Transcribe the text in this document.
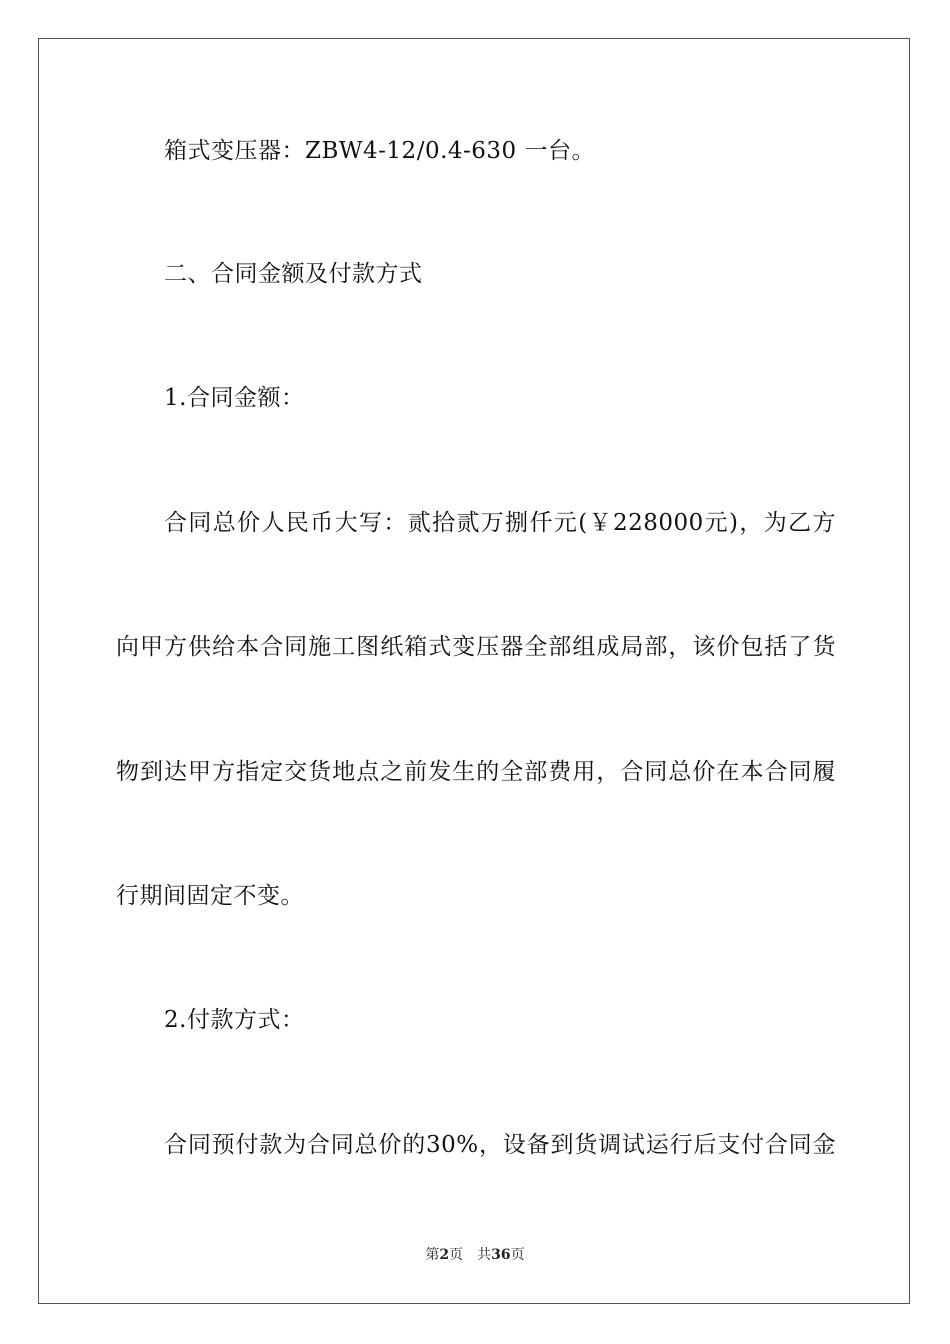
箱式变压器：ZBW4-12/0.4-630 一台。
二、合同金额及付款方式
1.合同金额：
合同总价人民币大写：贰拾贰万捌仟元(￥228000元)，为乙方
向甲方供给本合同施工图纸箱式变压器全部组成局部，该价包括了货
物到达甲方指定交货地点之前发生的全部费用，合同总价在本合同履
行期间固定不变。
2.付款方式：
合同预付款为合同总价的30%，设备到货调试运行后支付合同金
第2页 共36页
